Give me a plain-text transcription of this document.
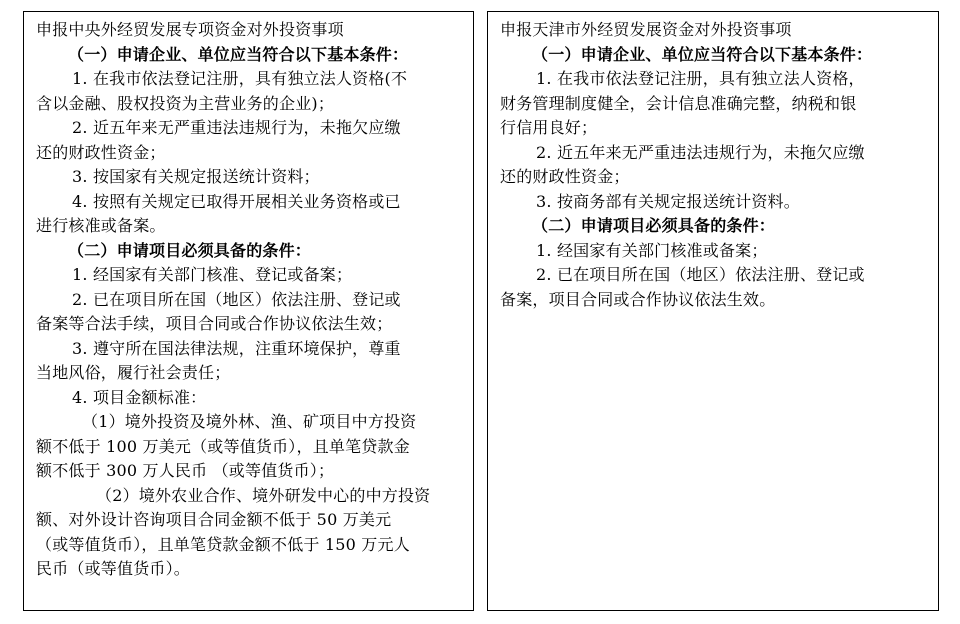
申报中央外经贸发展专项资金对外投资事项
（一）申请企业、单位应当符合以下基本条件：
1. 在我市依法登记注册，具有独立法人资格(不
含以金融、股权投资为主营业务的企业)；
2. 近五年来无严重违法违规行为，未拖欠应缴
还的财政性资金；
3. 按国家有关规定报送统计资料；
4. 按照有关规定已取得开展相关业务资格或已
进行核准或备案。
（二）申请项目必须具备的条件：
1. 经国家有关部门核准、登记或备案；
2. 已在项目所在国（地区）依法注册、登记或
备案等合法手续，项目合同或合作协议依法生效；
3. 遵守所在国法律法规，注重环境保护，尊重
当地风俗，履行社会责任；
4. 项目金额标准：
（1）境外投资及境外林、渔、矿项目中方投资
额不低于 100 万美元（或等值货币），且单笔贷款金
额不低于 300 万人民币 （或等值货币）；
（2）境外农业合作、境外研发中心的中方投资
额、对外设计咨询项目合同金额不低于 50 万美元
（或等值货币），且单笔贷款金额不低于 150 万元人
民币（或等值货币）。
申报天津市外经贸发展资金对外投资事项
（一）申请企业、单位应当符合以下基本条件：
1. 在我市依法登记注册，具有独立法人资格，
财务管理制度健全，会计信息准确完整，纳税和银
行信用良好；
2. 近五年来无严重违法违规行为，未拖欠应缴
还的财政性资金；
3. 按商务部有关规定报送统计资料。
（二）申请项目必须具备的条件：
1. 经国家有关部门核准或备案；
2. 已在项目所在国（地区）依法注册、登记或
备案，项目合同或合作协议依法生效。
